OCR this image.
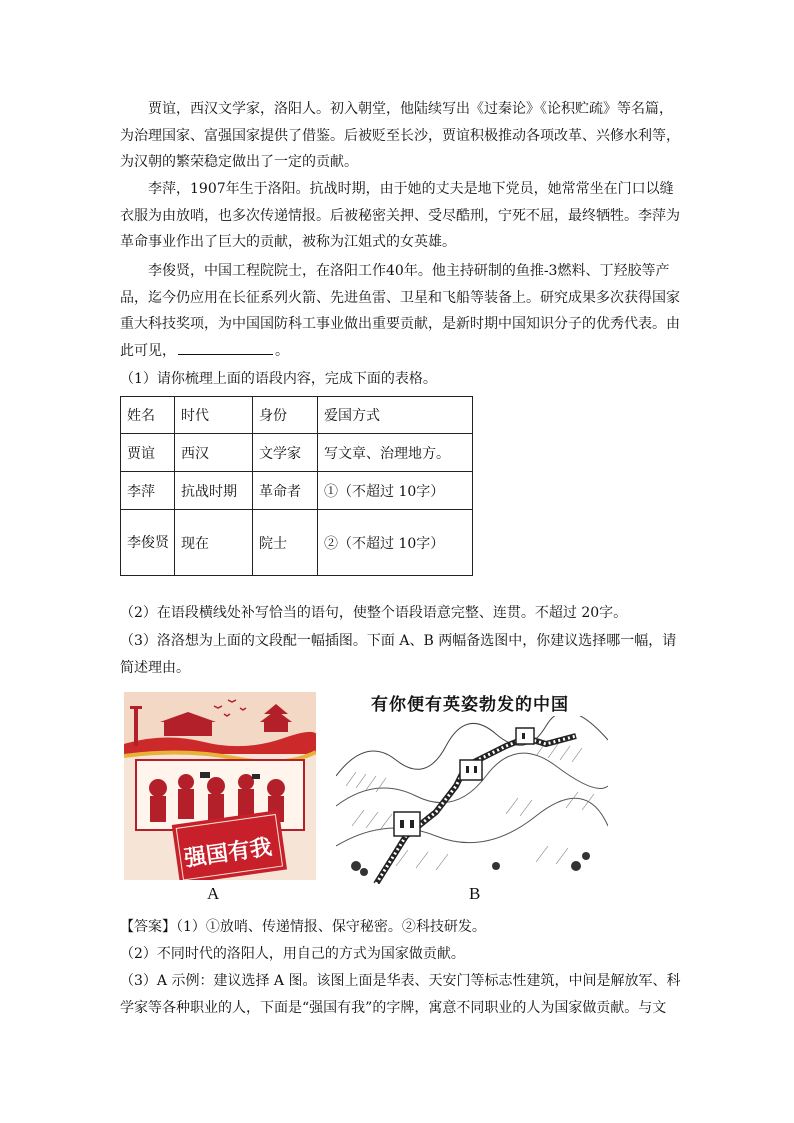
贾谊，西汉文学家，洛阳人。初入朝堂，他陆续写出《过秦论》《论积贮疏》等名篇，为治理国家、富强国家提供了借鉴。后被贬至长沙，贾谊积极推动各项改革、兴修水利等，为汉朝的繁荣稳定做出了一定的贡献。

李萍，1907年生于洛阳。抗战时期，由于她的丈夫是地下党员，她常常坐在门口以缝衣服为由放哨，也多次传递情报。后被秘密关押、受尽酷刑，宁死不屈，最终牺牲。李萍为革命事业作出了巨大的贡献，被称为江姐式的女英雄。

李俊贤，中国工程院院士，在洛阳工作40年。他主持研制的鱼推-3燃料、丁羟胶等产品，迄今仍应用在长征系列火箭、先进鱼雷、卫星和飞船等装备上。研究成果多次获得国家重大科技奖项，为中国国防科工事业做出重要贡献，是新时期中国知识分子的优秀代表。由此可见，	。

（1）请你梳理上面的语段内容，完成下面的表格。

姓名	时代	身份	爱国方式
贾谊	西汉	文学家	写文章、治理地方。
李萍	抗战时期	革命者	①（不超过 10字）
李俊贤	现在	院士	②（不超过 10字）

（2）在语段横线处补写恰当的语句，使整个语段语意完整、连贯。不超过 20字。

（3）洛洛想为上面的文段配一幅插图。下面 A、B 两幅备选图中，你建议选择哪一幅，请简述理由。

强国有我
A
有你便有英姿勃发的中国
B

【答案】（1）①放哨、传递情报、保守秘密。②科技研发。

（2）不同时代的洛阳人，用自己的方式为国家做贡献。

（3）A 示例：建议选择 A 图。该图上面是华表、天安门等标志性建筑，中间是解放军、科学家等各种职业的人，下面是“强国有我”的字牌，寓意不同职业的人为国家做贡献。与文
